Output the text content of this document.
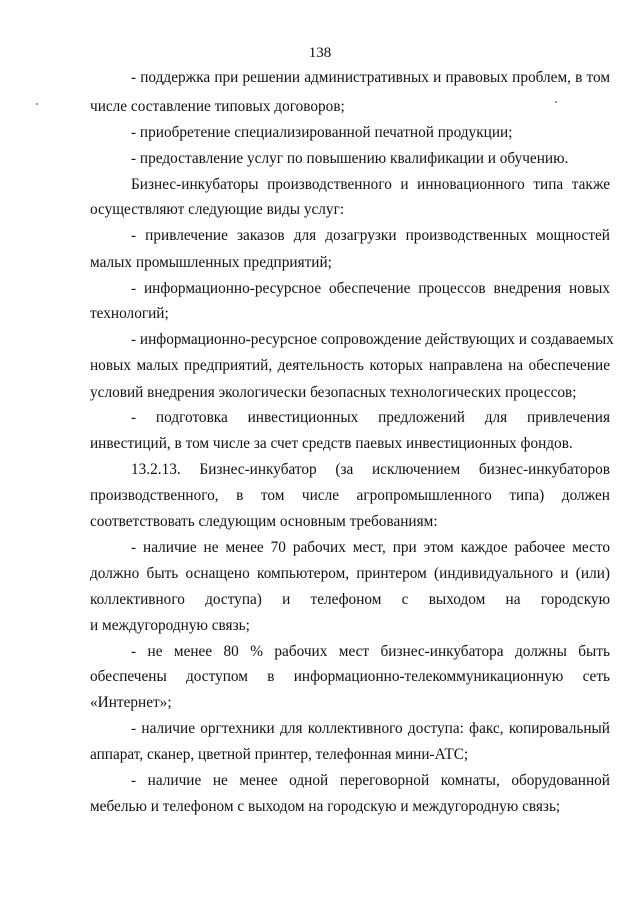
138
- поддержка при решении административных и правовых проблем, в том
числе составление типовых договоров;
- приобретение специализированной печатной продукции;
- предоставление услуг по повышению квалификации и обучению.
Бизнес-инкубаторы производственного и инновационного типа также
осуществляют следующие виды услуг:
- привлечение заказов для дозагрузки производственных мощностей
малых промышленных предприятий;
- информационно-ресурсное обеспечение процессов внедрения новых
технологий;
- информационно-ресурсное сопровождение действующих и создаваемых
новых малых предприятий, деятельность которых направлена на обеспечение
условий внедрения экологически безопасных технологических процессов;
- подготовка инвестиционных предложений для привлечения
инвестиций, в том числе за счет средств паевых инвестиционных фондов.
13.2.13. Бизнес-инкубатор (за исключением бизнес-инкубаторов
производственного, в том числе агропромышленного типа) должен
соответствовать следующим основным требованиям:
- наличие не менее 70 рабочих мест, при этом каждое рабочее место
должно быть оснащено компьютером, принтером (индивидуального и (или)
коллективного доступа) и телефоном с выходом на городскую
и междугородную связь;
- не менее 80 % рабочих мест бизнес-инкубатора должны быть
обеспечены доступом в информационно-телекоммуникационную сеть
«Интернет»;
- наличие оргтехники для коллективного доступа: факс, копировальный
аппарат, сканер, цветной принтер, телефонная мини-АТС;
- наличие не менее одной переговорной комнаты, оборудованной
мебелью и телефоном с выходом на городскую и междугородную связь;
